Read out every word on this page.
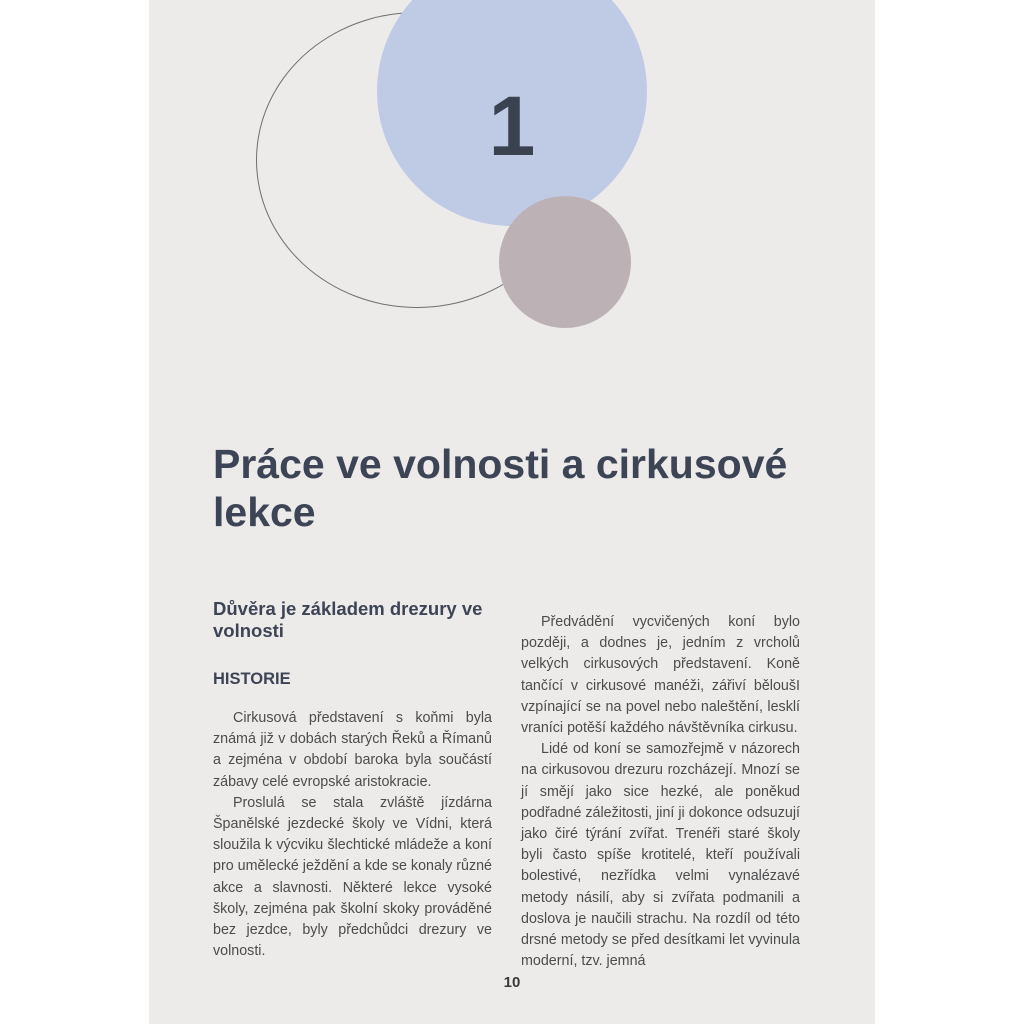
1
Práce ve volnosti a cirkusové lekce
Důvěra je základem drezury ve volnosti
HISTORIE

Cirkusová představení s koňmi byla známá již v dobách starých Řeků a Římanů a zejména v období baroka byla součástí zábavy celé evropské aristokracie.

Proslulá se stala zvláště jízdárna Španělské jezdecké školy ve Vídni, která sloužila k výcviku šlechtické mládeže a koní pro umělecké ježdění a kde se konaly různé akce a slavnosti. Některé lekce vysoké školy, zejména pak školní skoky prováděné bez jezdce, byly předchůdci drezury ve volnosti.

Předvádění vycvičených koní bylo později, a dodnes je, jedním z vrcholů velkých cirkusových představení. Koně tančící v cirkusové manéži, zářiví běloušI vzpínající se na povel nebo naleštění, lesklí vraníci potěší každého návštěvníka cirkusu.

Lidé od koní se samozřejmě v názorech na cirkusovou drezuru rozcházejí. Mnozí se jí smějí jako sice hezké, ale poněkud podřadné záležitosti, jiní ji dokonce odsuzují jako čiré týrání zvířat. Trenéři staré školy byli často spíše krotitelé, kteří používali bolestivé, nezřídka velmi vynalézavé metody násilí, aby si zvířata podmanili a doslova je naučili strachu. Na rozdíl od této drsné metody se před desítkami let vyvinula moderní, tzv. jemná

10
